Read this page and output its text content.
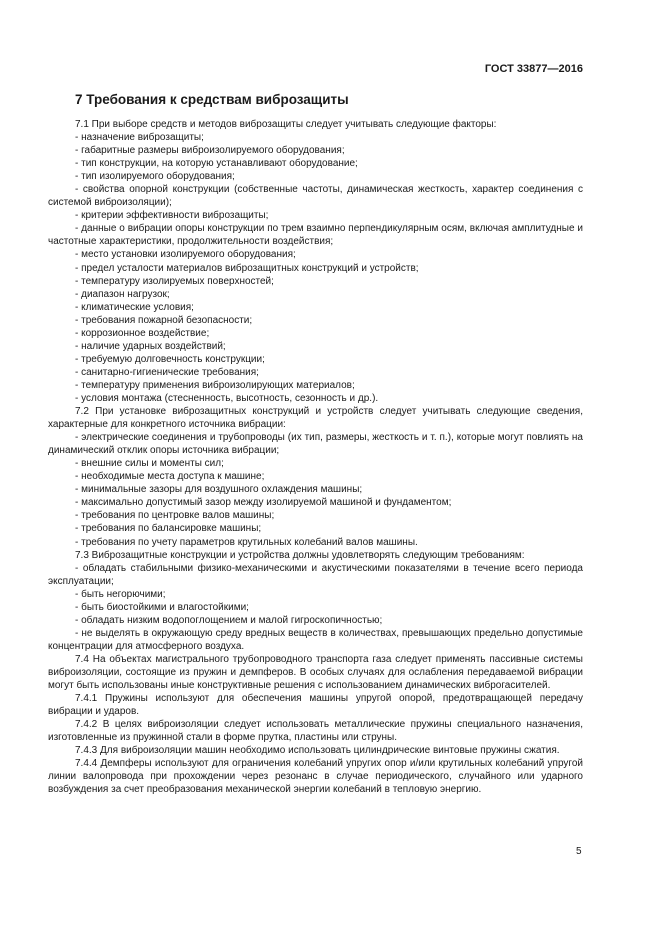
ГОСТ 33877—2016
7 Требования к средствам виброзащиты

7.1 При выборе средств и методов виброзащиты следует учитывать следующие факторы:

- назначение виброзащиты;

- габаритные размеры виброизолируемого оборудования;

- тип конструкции, на которую устанавливают оборудование;

- тип изолируемого оборудования;

- свойства опорной конструкции (собственные частоты, динамическая жесткость, характер соединения с системой виброизоляции);

- критерии эффективности виброзащиты;

- данные о вибрации опоры конструкции по трем взаимно перпендикулярным осям, включая амплитудные и частотные характеристики, продолжительности воздействия;

- место установки изолируемого оборудования;

- предел усталости материалов виброзащитных конструкций и устройств;

- температуру изолируемых поверхностей;

- диапазон нагрузок;

- климатические условия;

- требования пожарной безопасности;

- коррозионное воздействие;

- наличие ударных воздействий;

- требуемую долговечность конструкции;

- санитарно-гигиенические требования;

- температуру применения виброизолирующих материалов;

- условия монтажа (стесненность, высотность, сезонность и др.).

7.2 При установке виброзащитных конструкций и устройств следует учитывать следующие сведения, характерные для конкретного источника вибрации:

- электрические соединения и трубопроводы (их тип, размеры, жесткость и т. п.), которые могут повлиять на динамический отклик опоры источника вибрации;

- внешние силы и моменты сил;

- необходимые места доступа к машине;

- минимальные зазоры для воздушного охлаждения машины;

- максимально допустимый зазор между изолируемой машиной и фундаментом;

- требования по центровке валов машины;

- требования по балансировке машины;

- требования по учету параметров крутильных колебаний валов машины.

7.3 Виброзащитные конструкции и устройства должны удовлетворять следующим требованиям:

- обладать стабильными физико-механическими и акустическими показателями в течение всего периода эксплуатации;

- быть негорючими;

- быть биостойкими и влагостойкими;

- обладать низким водопоглощением и малой гигроскопичностью;

- не выделять в окружающую среду вредных веществ в количествах, превышающих предельно допустимые концентрации для атмосферного воздуха.

7.4 На объектах магистрального трубопроводного транспорта газа следует применять пассивные системы виброизоляции, состоящие из пружин и демпферов. В особых случаях для ослабления передаваемой вибрации могут быть использованы иные конструктивные решения с использованием динамических виброгасителей.

7.4.1 Пружины используют для обеспечения машины упругой опорой, предотвращающей передачу вибрации и ударов.

7.4.2 В целях виброизоляции следует использовать металлические пружины специального назначения, изготовленные из пружинной стали в форме прутка, пластины или струны.

7.4.3 Для виброизоляции машин необходимо использовать цилиндрические винтовые пружины сжатия.

7.4.4 Демпферы используют для ограничения колебаний упругих опор и/или крутильных колебаний упругой линии валопровода при прохождении через резонанс в случае периодического, случайного или ударного возбуждения за счет преобразования механической энергии колебаний в тепловую энергию.

5
